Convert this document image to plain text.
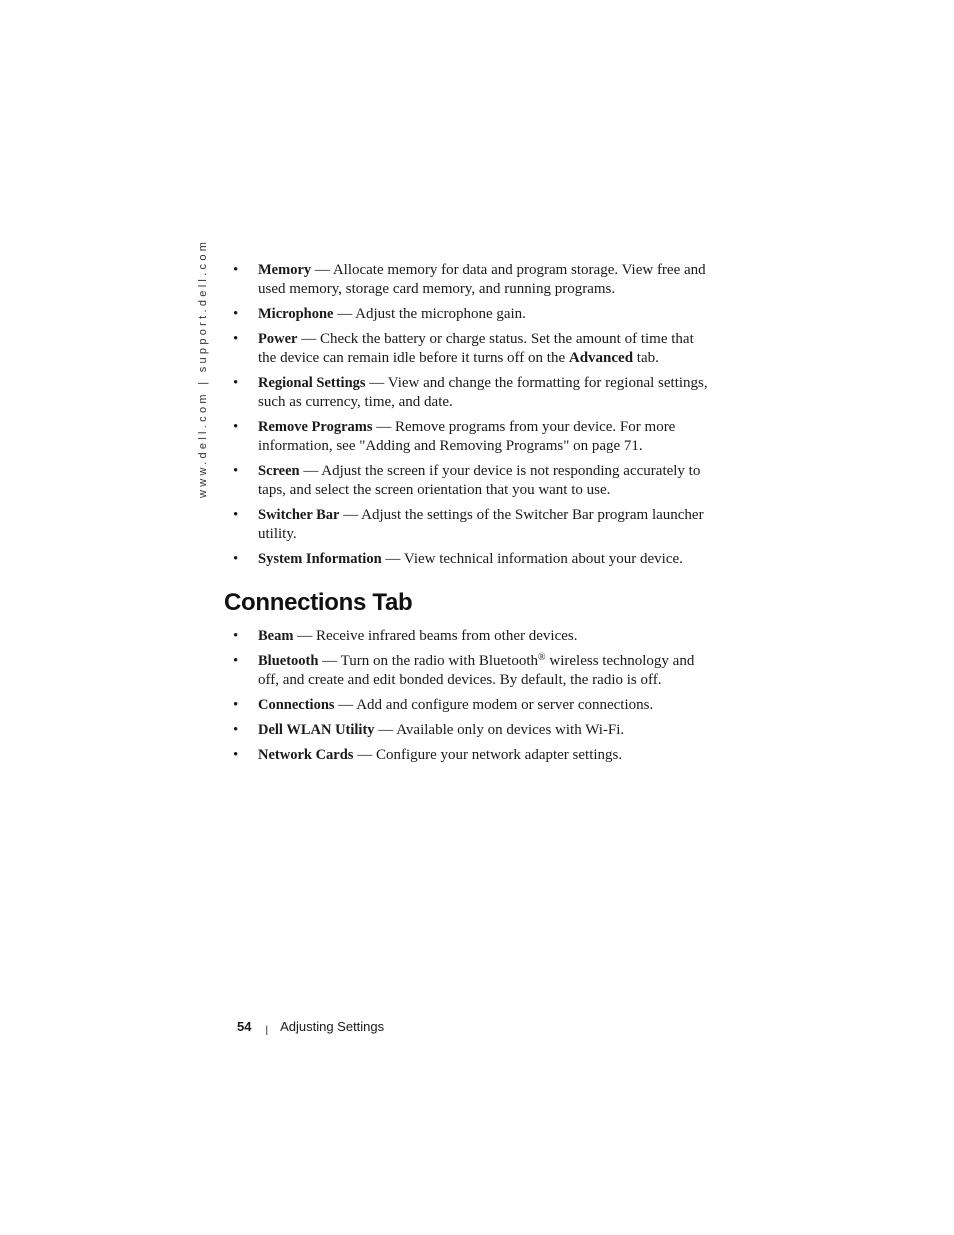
www.dell.com | support.dell.com • Memory — Allocate memory for data and program storage. View free and used memory, storage card memory, and running programs.
• Microphone — Adjust the microphone gain.
• Power — Check the battery or charge status. Set the amount of time that the device can remain idle before it turns off on the Advanced tab.
• Regional Settings — View and change the formatting for regional settings, such as currency, time, and date.
• Remove Programs — Remove programs from your device. For more information, see "Adding and Removing Programs" on page 71.
• Screen — Adjust the screen if your device is not responding accurately to taps, and select the screen orientation that you want to use.
• Switcher Bar — Adjust the settings of the Switcher Bar program launcher utility.
• System Information — View technical information about your device.
Connections Tab
• Beam — Receive infrared beams from other devices.
• Bluetooth — Turn on the radio with Bluetooth® wireless technology and off, and create and edit bonded devices. By default, the radio is off.
• Connections — Add and configure modem or server connections.
• Dell WLAN Utility — Available only on devices with Wi-Fi.
• Network Cards — Configure your network adapter settings.
54 | Adjusting Settings
